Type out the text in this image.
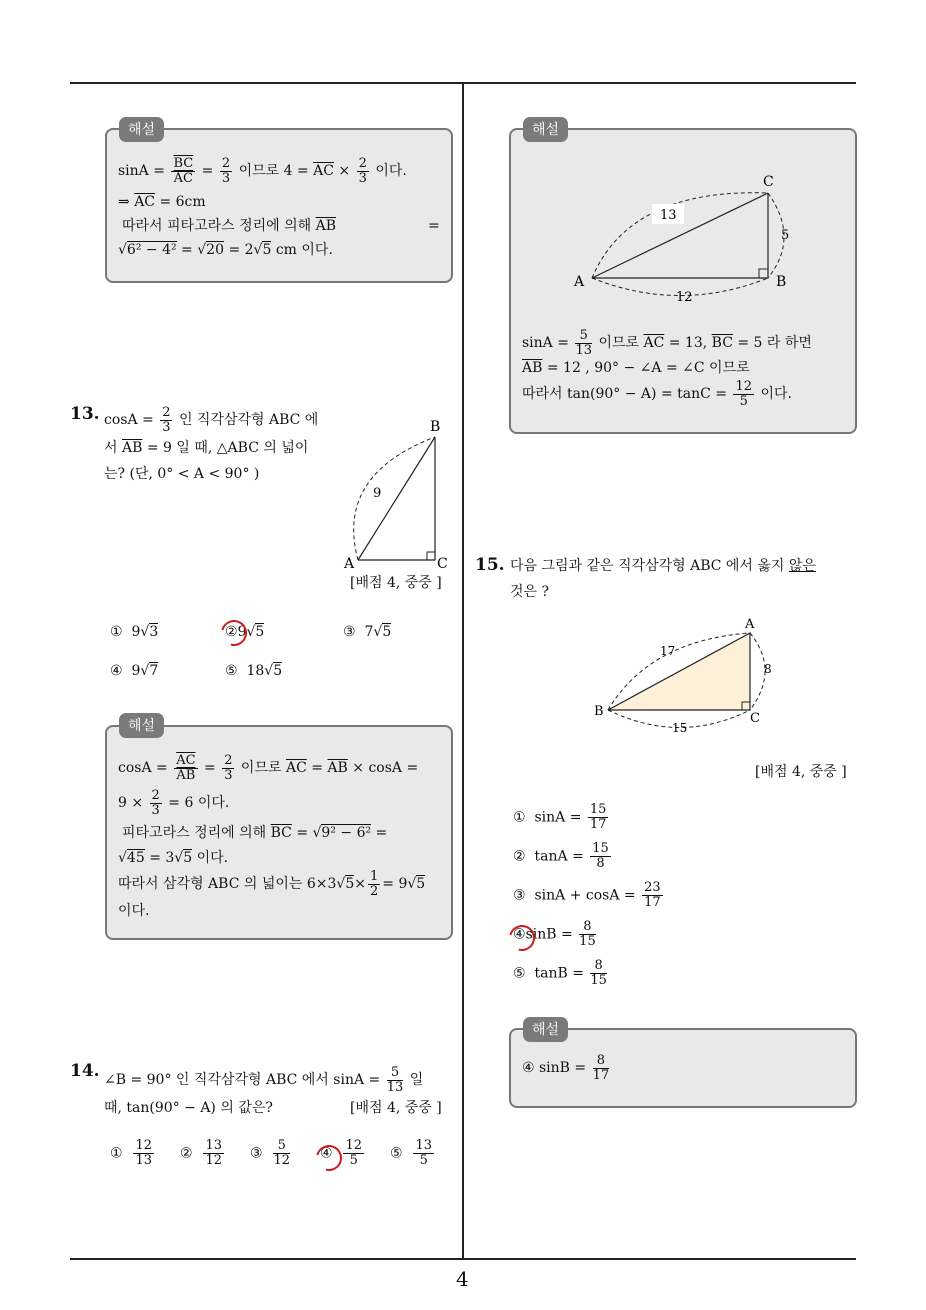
4
해설
$\sin A = \frac{\overline{BC}}{AC} = \frac{2}{3}$ 이므로 $4 = \overline{AC} \times \frac{2}{3}$ 이다.
⇒ $\overline{AC} = 6cm$
따라서 피타고라스 정리에 의해 $\overline{AB}$	=
√6² − 4² = √20 = 2√5 cm 이다.
13. $\cos A = \frac{2}{3}$ 인 직각삼각형 ABC 에
서 $\overline{AB} = 9$ 일 때, △ABC 의 넓이
는? (단, 0° < A < 90° )
B
A	C
9
[배점 4, 중중 ]
① 9√3	②9√5	③ 7√5
④ 9√7	⑤ 18√5
해설
$\cos A = \frac{\overline{AC}}{AB} = \frac{2}{3}$ 이므로 $\overline{AC} = \overline{AB} \times \cos A$ =
$9 \times \frac{2}{3} = 6$ 이다.
피타고라스 정리에 의해 $\overline{BC} = √9^2 - 6^2$ =
√45 = 3√5 이다.
따라서 삼각형 ABC 의 넓이는 $6\times 3√5\times \frac{1}{2} = 9√5$
이다.
14. ∠B = 90° 인 직각삼각형 ABC 에서 $\sin A = \frac{5}{13}$ 일
때, tan(90° − A) 의 값은?	[배점 4, 중중 ]
① $\frac{12}{13}$ ② $\frac{13}{12}$ ③ $\frac{5}{12}$ ④ $\frac{12}{5}$ ⑤ $\frac{13}{5}$
해설
C
A	B
13
5
12
$\sin A = \frac{5}{13}$ 이므로 $\overline{AC} = 13$, $\overline{BC} = 5$ 라 하면
$\overline{AB} = 12$ , 90° − ∠A = ∠C 이므로
따라서 $\tan(90^\circ - A) = \tan C = \frac{12}{5}$ 이다.
15. 다음 그림과 같은 직각삼각형 ABC 에서 옳지 않은
것은 ?
A
B	C
17
8
15
[배점 4, 중중 ]
① $\sin A = \frac{15}{17}$
② $\tan A = \frac{15}{8}$
③ $\sin A + \cos A = \frac{23}{17}$
④sinB = $\frac{8}{15}$
⑤ $\tan B = \frac{8}{15}$
해설
④ $\sin B = \frac{8}{17}$
